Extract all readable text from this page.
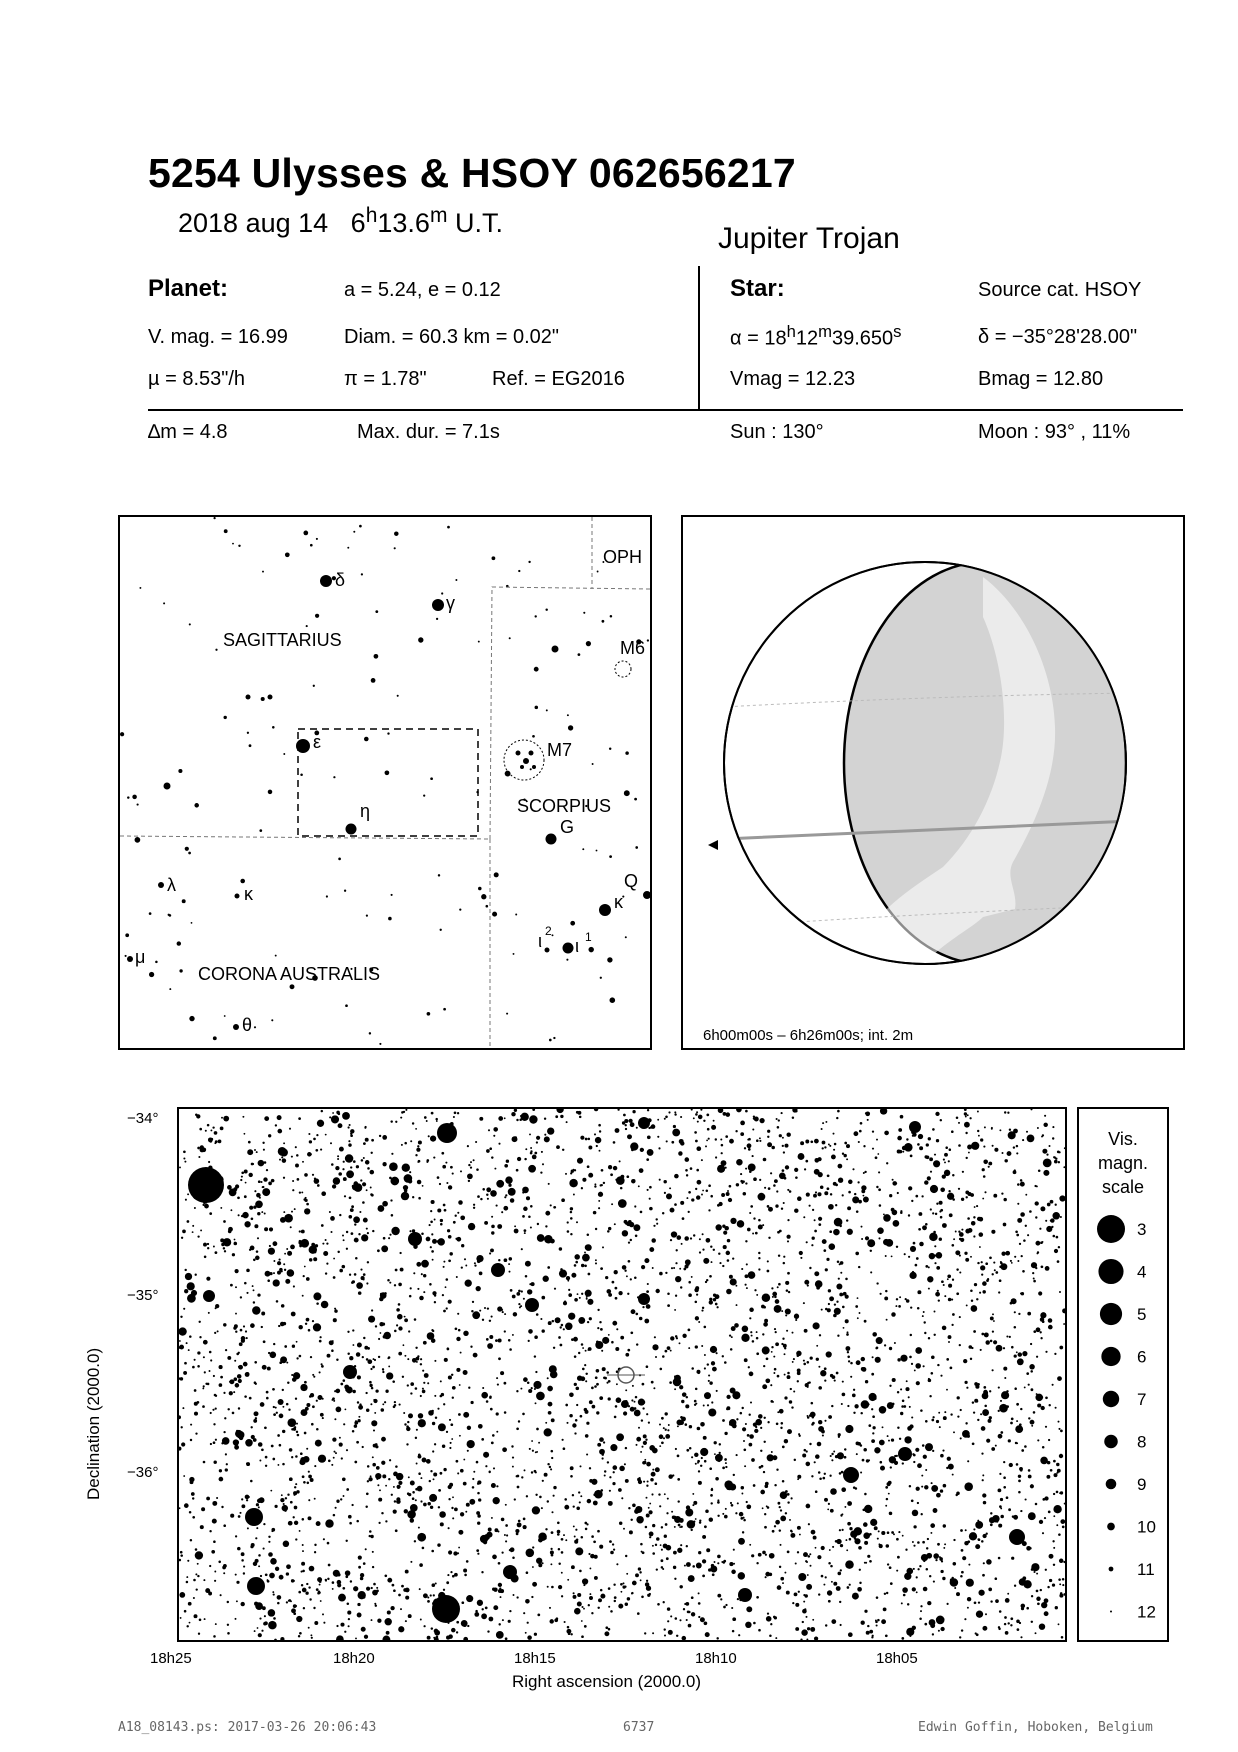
5254 Ulysses & HSOY 062656217
2018 aug 14 6$^h$13.6$^m$ U.T.	Jupiter Trojan
Planet:	a = 5.24, e = 0.12
V. mag. = 16.99	Diam. = 60.3 km = 0.02"
µ = 8.53"/h	π = 1.78"	Ref. = EG2016
Star:	Source cat. HSOY
$\alpha = 18^h12^m39.650^s$	δ = −35°28'28.00"
Vmag = 12.23	Bmag = 12.80
∆m = 4.8	Max. dur. = 7.1s	Sun : 130°	Moon : 93° , 11%
SAGITTARIUS
SCORPIUS
CORONA AUSTRALIS
OPH
M6
M7
G
Q
δ
γ
ε
η
λ	κ
μ
θ
κ
ι ι
2	1
6h00m00s – 6h26m00s; int. 2m
−34°
−35°
−36°
Declination (2000.0)
18h25	18h20	18h15	18h10	18h05
Right ascension (2000.0)
Vis.
magn.
scale
3
4
5
6
7
8
9
10
11
12
A18_08143.ps: 2017-03-26 20:06:43	6737	Edwin Goffin, Hoboken, Belgium
